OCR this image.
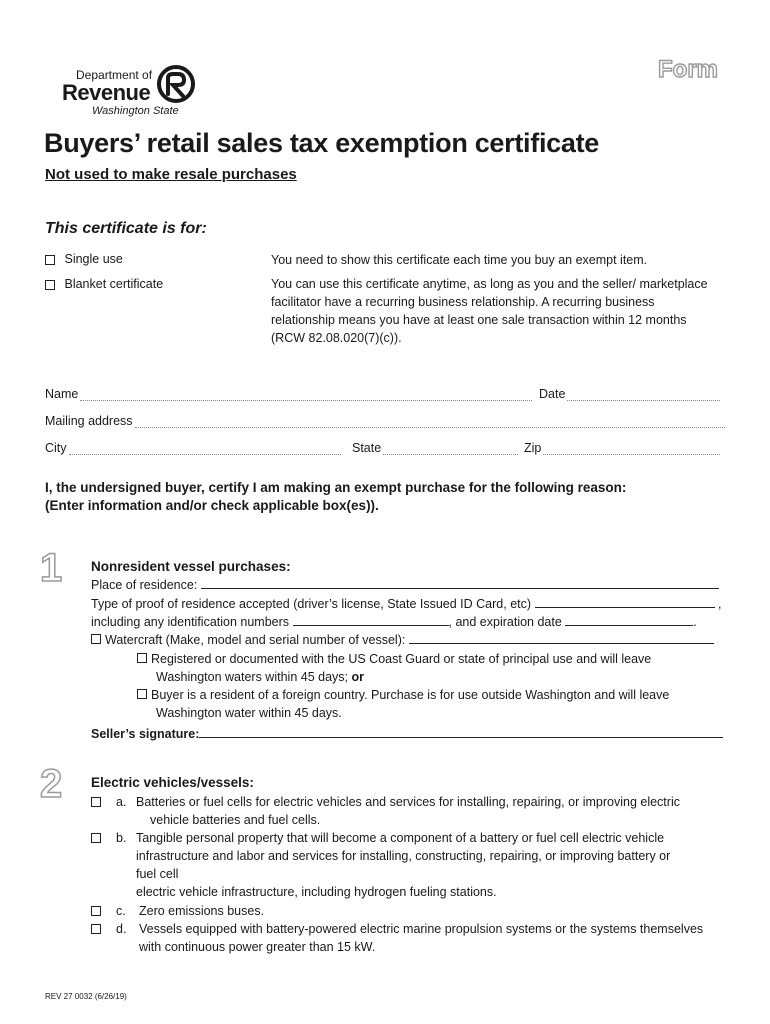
Department of
Revenue
Washington State
Form
Buyers’ retail sales tax exemption certificate
Not used to make resale purchases
This certificate is for:
Single use	You need to show this certificate each time you buy an exempt item.
Blanket certificate	You can use this certificate anytime, as long as you and the seller/ marketplace facilitator have a recurring business relationship. A recurring business relationship means you have at least one sale transaction within 12 months (RCW 82.08.020(7)(c)).
Name	Date
Mailing address
City	State	Zip
I, the undersigned buyer, certify I am making an exempt purchase for the following reason:
(Enter information and/or check applicable box(es)).
1 Nonresident vessel purchases:
Place of residence:
Type of proof of residence accepted (driver’s license, State Issued ID Card, etc)	,
including any identification numbers	, and expiration date	.
Watercraft (Make, model and serial number of vessel):
Registered or documented with the US Coast Guard or state of principal use and will leave
Washington waters within 45 days; or
Buyer is a resident of a foreign country. Purchase is for use outside Washington and will leave
Washington water within 45 days.
Seller’s signature:
2 Electric vehicles/vessels:
a. Batteries or fuel cells for electric vehicles and services for installing, repairing, or improving electric
vehicle batteries and fuel cells.
b. Tangible personal property that will become a component of a battery or fuel cell electric vehicle
infrastructure and labor and services for installing, constructing, repairing, or improving battery or
fuel cell
electric vehicle infrastructure, including hydrogen fueling stations.
c. Zero emissions buses.
d. Vessels equipped with battery-powered electric marine propulsion systems or the systems themselves
with continuous power greater than 15 kW.
REV 27 0032 (6/26/19)
